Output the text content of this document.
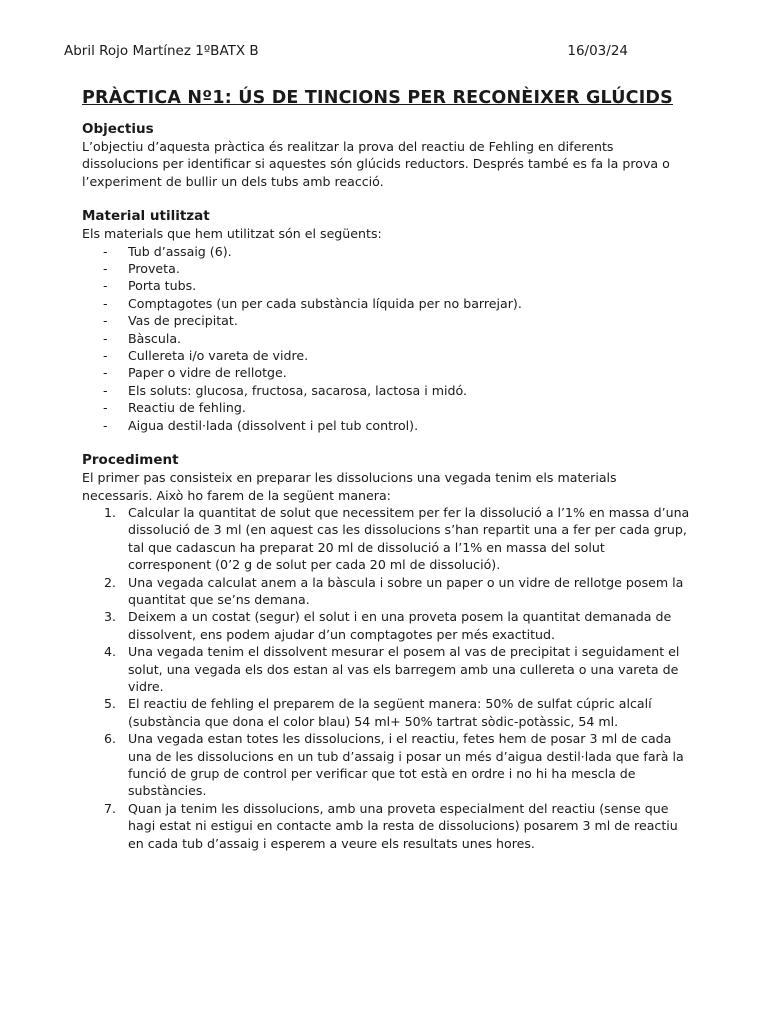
Abril Rojo Martínez 1ºBATX B	16/03/24
PRÀCTICA Nº1: ÚS DE TINCIONS PER RECONÈIXER GLÚCIDS

Objectius

L’objectiu d’aquesta pràctica és realitzar la prova del reactiu de Fehling en diferents dissolucions per identificar si aquestes són glúcids reductors. Després també es fa la prova o l’experiment de bullir un dels tubs amb reacció.

Material utilitzat

Els materials que hem utilitzat són el següents:

- Tub d’assaig (6).
- Proveta.
- Porta tubs.
- Comptagotes (un per cada substància líquida per no barrejar).
- Vas de precipitat.
- Bàscula.
- Cullereta i/o vareta de vidre.
- Paper o vidre de rellotge.
- Els soluts: glucosa, fructosa, sacarosa, lactosa i midó.
- Reactiu de fehling.
- Aigua destil·lada (dissolvent i pel tub control).

Procediment

El primer pas consisteix en preparar les dissolucions una vegada tenim els materials necessaris. Això ho farem de la següent manera:

1. Calcular la quantitat de solut que necessitem per fer la dissolució a l’1% en massa d’una dissolució de 3 ml (en aquest cas les dissolucions s’han repartit una a fer per cada grup, tal que cadascun ha preparat 20 ml de dissolució a l’1% en massa del solut corresponent (0’2 g de solut per cada 20 ml de dissolució).
2. Una vegada calculat anem a la bàscula i sobre un paper o un vidre de rellotge posem la quantitat que se’ns demana.
3. Deixem a un costat (segur) el solut i en una proveta posem la quantitat demanada de dissolvent, ens podem ajudar d’un comptagotes per més exactitud.
4. Una vegada tenim el dissolvent mesurar el posem al vas de precipitat i seguidament el solut, una vegada els dos estan al vas els barregem amb una cullereta o una vareta de vidre.
5. El reactiu de fehling el preparem de la següent manera: 50% de sulfat cúpric alcalí (substància que dona el color blau) 54 ml+ 50% tartrat sòdic-potàssic, 54 ml.
6. Una vegada estan totes les dissolucions, i el reactiu, fetes hem de posar 3 ml de cada una de les dissolucions en un tub d’assaig i posar un més d’aigua destil·lada que farà la funció de grup de control per verificar que tot està en ordre i no hi ha mescla de substàncies.
7. Quan ja tenim les dissolucions, amb una proveta especialment del reactiu (sense que hagi estat ni estigui en contacte amb la resta de dissolucions) posarem 3 ml de reactiu en cada tub d’assaig i esperem a veure els resultats unes hores.
